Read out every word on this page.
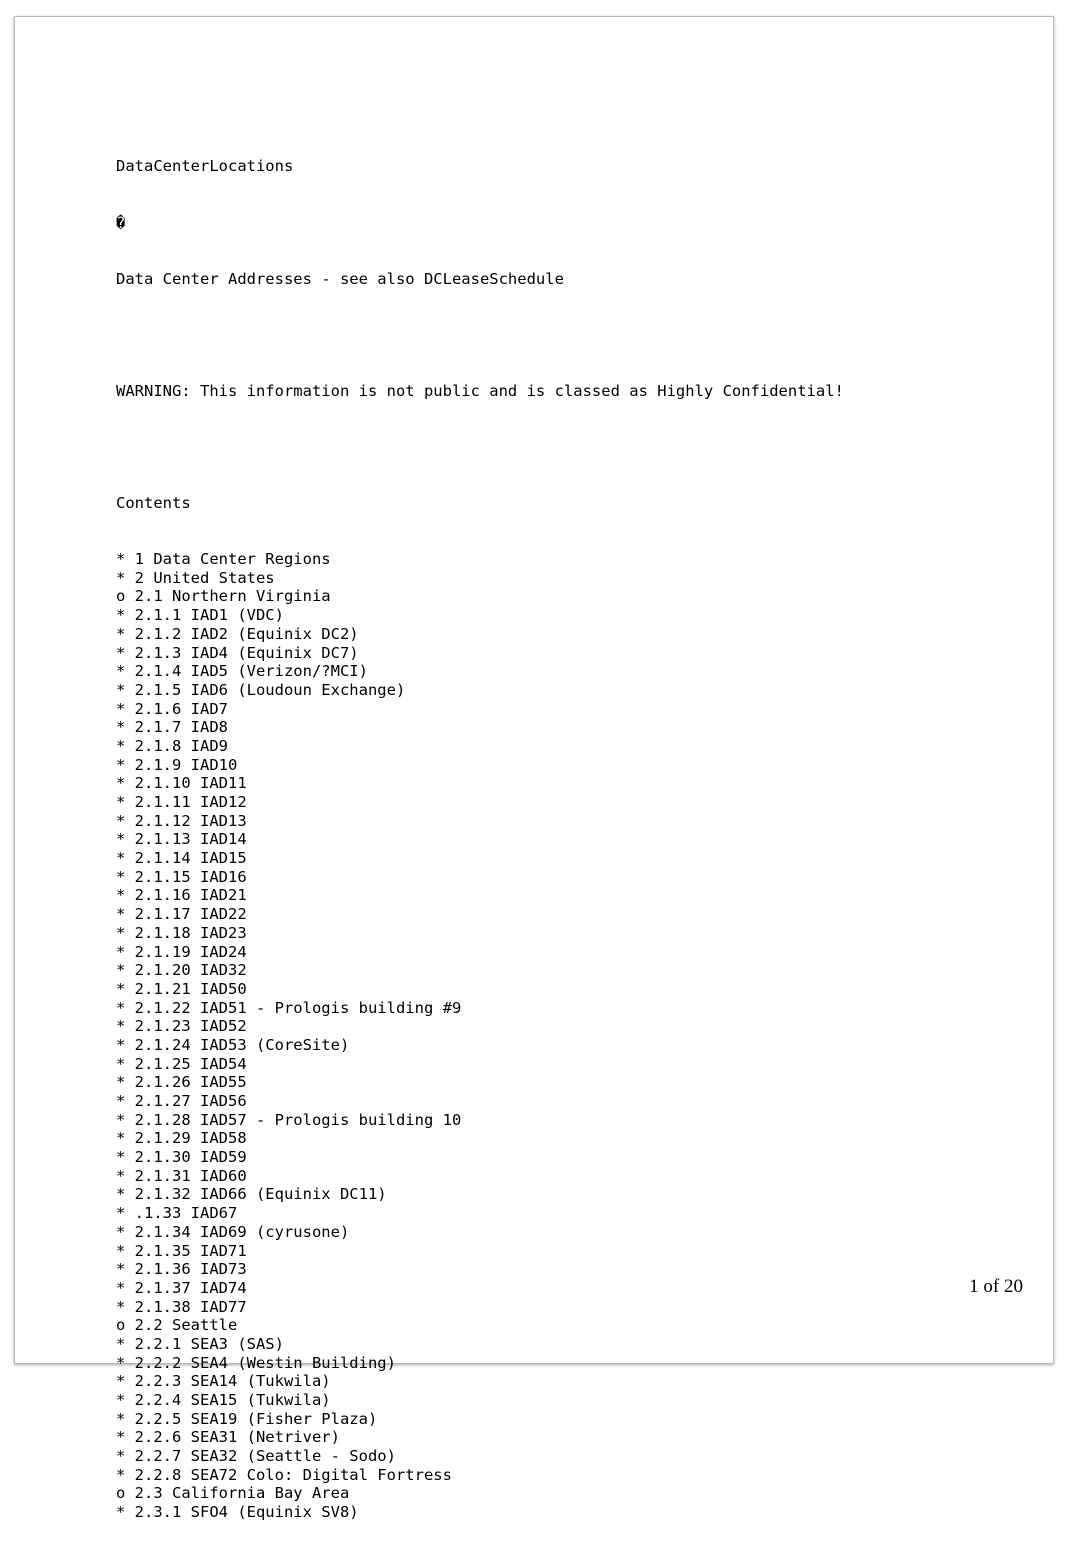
DataCenterLocations

�

Data Center Addresses - see also DCLeaseSchedule

WARNING: This information is not public and is classed as Highly Confidential!

Contents

* 1 Data Center Regions
* 2 United States
o 2.1 Northern Virginia
* 2.1.1 IAD1 (VDC)
* 2.1.2 IAD2 (Equinix DC2)
* 2.1.3 IAD4 (Equinix DC7)
* 2.1.4 IAD5 (Verizon/?MCI)
* 2.1.5 IAD6 (Loudoun Exchange)
* 2.1.6 IAD7
* 2.1.7 IAD8
* 2.1.8 IAD9
* 2.1.9 IAD10
* 2.1.10 IAD11
* 2.1.11 IAD12
* 2.1.12 IAD13
* 2.1.13 IAD14
* 2.1.14 IAD15
* 2.1.15 IAD16
* 2.1.16 IAD21
* 2.1.17 IAD22
* 2.1.18 IAD23
* 2.1.19 IAD24
* 2.1.20 IAD32
* 2.1.21 IAD50
* 2.1.22 IAD51 - Prologis building #9
* 2.1.23 IAD52
* 2.1.24 IAD53 (CoreSite)
* 2.1.25 IAD54
* 2.1.26 IAD55
* 2.1.27 IAD56
* 2.1.28 IAD57 - Prologis building 10
* 2.1.29 IAD58
* 2.1.30 IAD59
* 2.1.31 IAD60
* 2.1.32 IAD66 (Equinix DC11)
* .1.33 IAD67
* 2.1.34 IAD69 (cyrusone)
* 2.1.35 IAD71
* 2.1.36 IAD73
* 2.1.37 IAD74
* 2.1.38 IAD77
o 2.2 Seattle
* 2.2.1 SEA3 (SAS)
* 2.2.2 SEA4 (Westin Building)
* 2.2.3 SEA14 (Tukwila)
* 2.2.4 SEA15 (Tukwila)
* 2.2.5 SEA19 (Fisher Plaza)
* 2.2.6 SEA31 (Netriver)
* 2.2.7 SEA32 (Seattle - Sodo)
* 2.2.8 SEA72 Colo: Digital Fortress
o 2.3 California Bay Area
* 2.3.1 SFO4 (Equinix SV8)

1 of 20
